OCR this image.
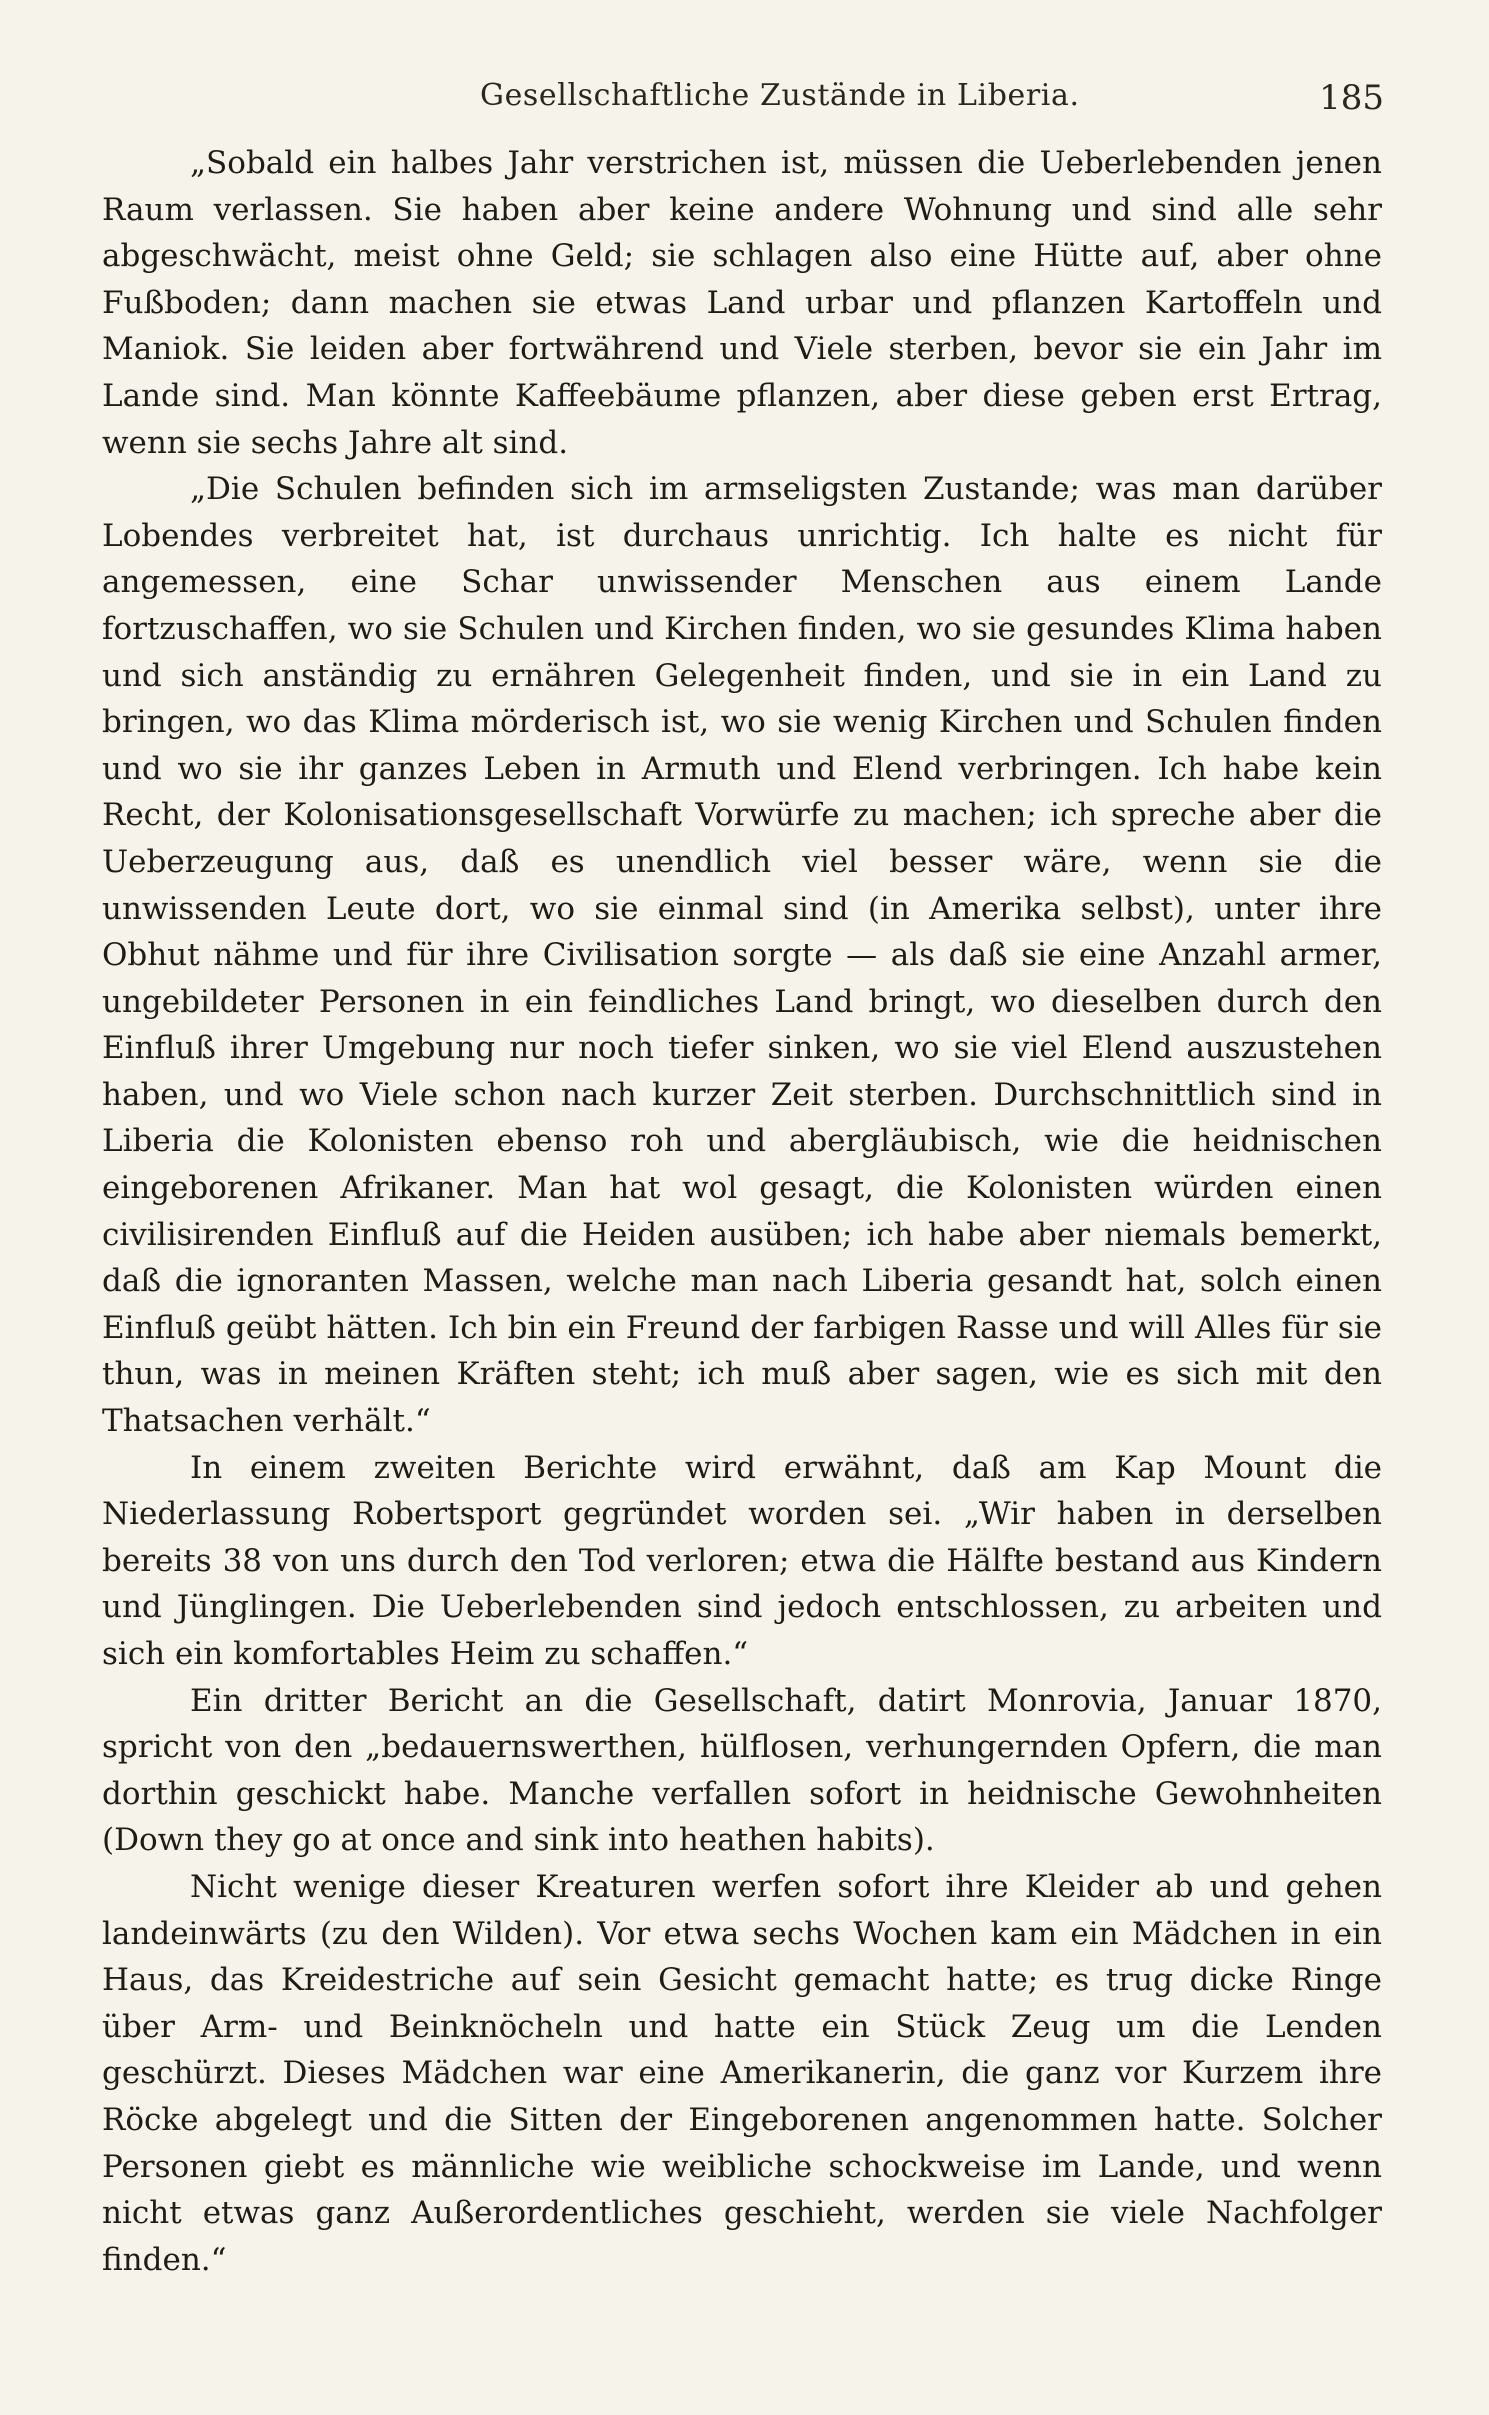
Gesellschaftliche Zustände in Liberia.	185

„Sobald ein halbes Jahr verstrichen ist, müssen die Ueberlebenden jenen Raum verlassen. Sie haben aber keine andere Wohnung und sind alle sehr abgeschwächt, meist ohne Geld; sie schlagen also eine Hütte auf, aber ohne Fußboden; dann machen sie etwas Land urbar und pflanzen Kartoffeln und Maniok. Sie leiden aber fortwährend und Viele sterben, bevor sie ein Jahr im Lande sind. Man könnte Kaffeebäume pflanzen, aber diese geben erst Ertrag, wenn sie sechs Jahre alt sind.

„Die Schulen befinden sich im armseligsten Zustande; was man darüber Lobendes verbreitet hat, ist durchaus unrichtig. Ich halte es nicht für angemessen, eine Schar unwissender Menschen aus einem Lande fortzuschaffen, wo sie Schulen und Kirchen finden, wo sie gesundes Klima haben und sich anständig zu ernähren Gelegenheit finden, und sie in ein Land zu bringen, wo das Klima mörderisch ist, wo sie wenig Kirchen und Schulen finden und wo sie ihr ganzes Leben in Armuth und Elend verbringen. Ich habe kein Recht, der Kolonisationsgesellschaft Vorwürfe zu machen; ich spreche aber die Ueberzeugung aus, daß es unendlich viel besser wäre, wenn sie die unwissenden Leute dort, wo sie einmal sind (in Amerika selbst), unter ihre Obhut nähme und für ihre Civilisation sorgte — als daß sie eine Anzahl armer, ungebildeter Personen in ein feindliches Land bringt, wo dieselben durch den Einfluß ihrer Umgebung nur noch tiefer sinken, wo sie viel Elend auszustehen haben, und wo Viele schon nach kurzer Zeit sterben. Durchschnittlich sind in Liberia die Kolonisten ebenso roh und abergläubisch, wie die heidnischen eingeborenen Afrikaner. Man hat wol gesagt, die Kolonisten würden einen civilisirenden Einfluß auf die Heiden ausüben; ich habe aber niemals bemerkt, daß die ignoranten Massen, welche man nach Liberia gesandt hat, solch einen Einfluß geübt hätten. Ich bin ein Freund der farbigen Rasse und will Alles für sie thun, was in meinen Kräften steht; ich muß aber sagen, wie es sich mit den Thatsachen verhält.“

In einem zweiten Berichte wird erwähnt, daß am Kap Mount die Niederlassung Robertsport gegründet worden sei. „Wir haben in derselben bereits 38 von uns durch den Tod verloren; etwa die Hälfte bestand aus Kindern und Jünglingen. Die Ueberlebenden sind jedoch entschlossen, zu arbeiten und sich ein komfortables Heim zu schaffen.“

Ein dritter Bericht an die Gesellschaft, datirt Monrovia, Januar 1870, spricht von den „bedauernswerthen, hülflosen, verhungernden Opfern, die man dorthin geschickt habe. Manche verfallen sofort in heidnische Gewohnheiten (Down they go at once and sink into heathen habits).

Nicht wenige dieser Kreaturen werfen sofort ihre Kleider ab und gehen landeinwärts (zu den Wilden). Vor etwa sechs Wochen kam ein Mädchen in ein Haus, das Kreidestriche auf sein Gesicht gemacht hatte; es trug dicke Ringe über Arm- und Beinknöcheln und hatte ein Stück Zeug um die Lenden geschürzt. Dieses Mädchen war eine Amerikanerin, die ganz vor Kurzem ihre Röcke abgelegt und die Sitten der Eingeborenen angenommen hatte. Solcher Personen giebt es männliche wie weibliche schockweise im Lande, und wenn nicht etwas ganz Außerordentliches geschieht, werden sie viele Nachfolger finden.“
